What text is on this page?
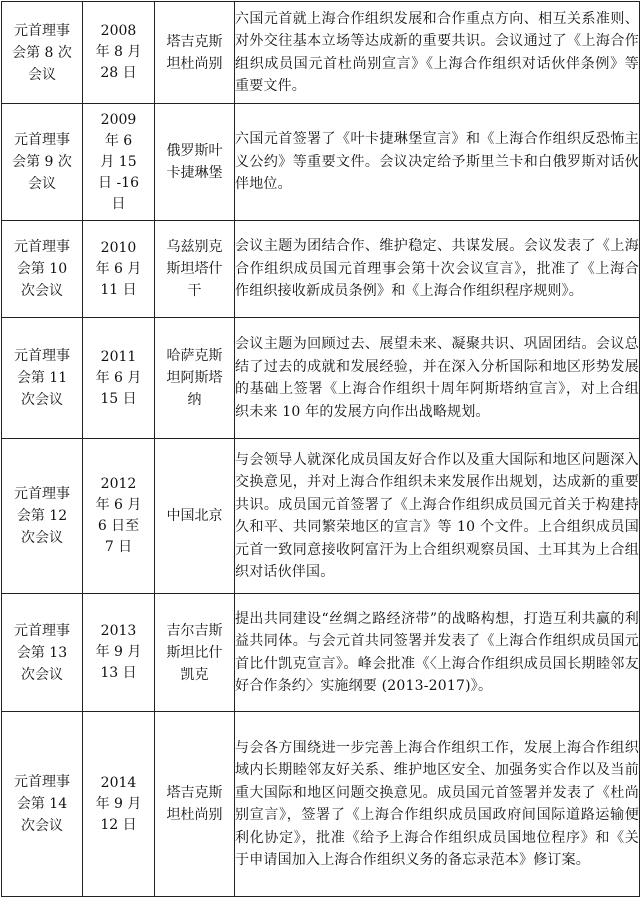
元首理事会第 8 次会议	2008 年 8 月 28 日	塔吉克斯坦杜尚别	六国元首就上海合作组织发展和合作重点方向、相互关系准则、对外交往基本立场等达成新的重要共识。会议通过了《上海合作组织成员国元首杜尚别宣言》《上海合作组织对话伙伴条例》等重要文件。
元首理事会第 9 次会议	2009 年 6 月 15 日 -16 日	俄罗斯叶卡捷琳堡	六国元首签署了《叶卡捷琳堡宣言》和《上海合作组织反恐怖主义公约》等重要文件。会议决定给予斯里兰卡和白俄罗斯对话伙伴地位。
元首理事会第 10 次会议	2010 年 6 月 11 日	乌兹别克斯坦塔什干	会议主题为团结合作、维护稳定、共谋发展。会议发表了《上海合作组织成员国元首理事会第十次会议宣言》，批准了《上海合作组织接收新成员条例》和《上海合作组织程序规则》。
元首理事会第 11 次会议	2011 年 6 月 15 日	哈萨克斯坦阿斯塔纳	会议主题为回顾过去、展望未来、凝聚共识、巩固团结。会议总结了过去的成就和发展经验，并在深入分析国际和地区形势发展的基础上签署《上海合作组织十周年阿斯塔纳宣言》，对上合组织未来 10 年的发展方向作出战略规划。
元首理事会第 12 次会议	2012 年 6 月 6 日至 7 日	中国北京	与会领导人就深化成员国友好合作以及重大国际和地区问题深入交换意见，并对上海合作组织未来发展作出规划，达成新的重要共识。成员国元首签署了《上海合作组织成员国元首关于构建持久和平、共同繁荣地区的宣言》等 10 个文件。上合组织成员国元首一致同意接收阿富汗为上合组织观察员国、土耳其为上合组织对话伙伴国。
元首理事会第 13 次会议	2013 年 9 月 13 日	吉尔吉斯斯坦比什凯克	提出共同建设“丝绸之路经济带”的战略构想，打造互利共赢的利益共同体。与会元首共同签署并发表了《上海合作组织成员国元首比什凯克宣言》。峰会批准《〈上海合作组织成员国长期睦邻友好合作条约〉实施纲要 (2013-2017)》。
元首理事会第 14 次会议	2014 年 9 月 12 日	塔吉克斯坦杜尚别	与会各方围绕进一步完善上海合作组织工作，发展上海合作组织域内长期睦邻友好关系、维护地区安全、加强务实合作以及当前重大国际和地区问题交换意见。成员国元首签署并发表了《杜尚别宣言》，签署了《上海合作组织成员国政府间国际道路运输便利化协定》，批准《给予上海合作组织成员国地位程序》和《关于申请国加入上海合作组织义务的备忘录范本》修订案。
